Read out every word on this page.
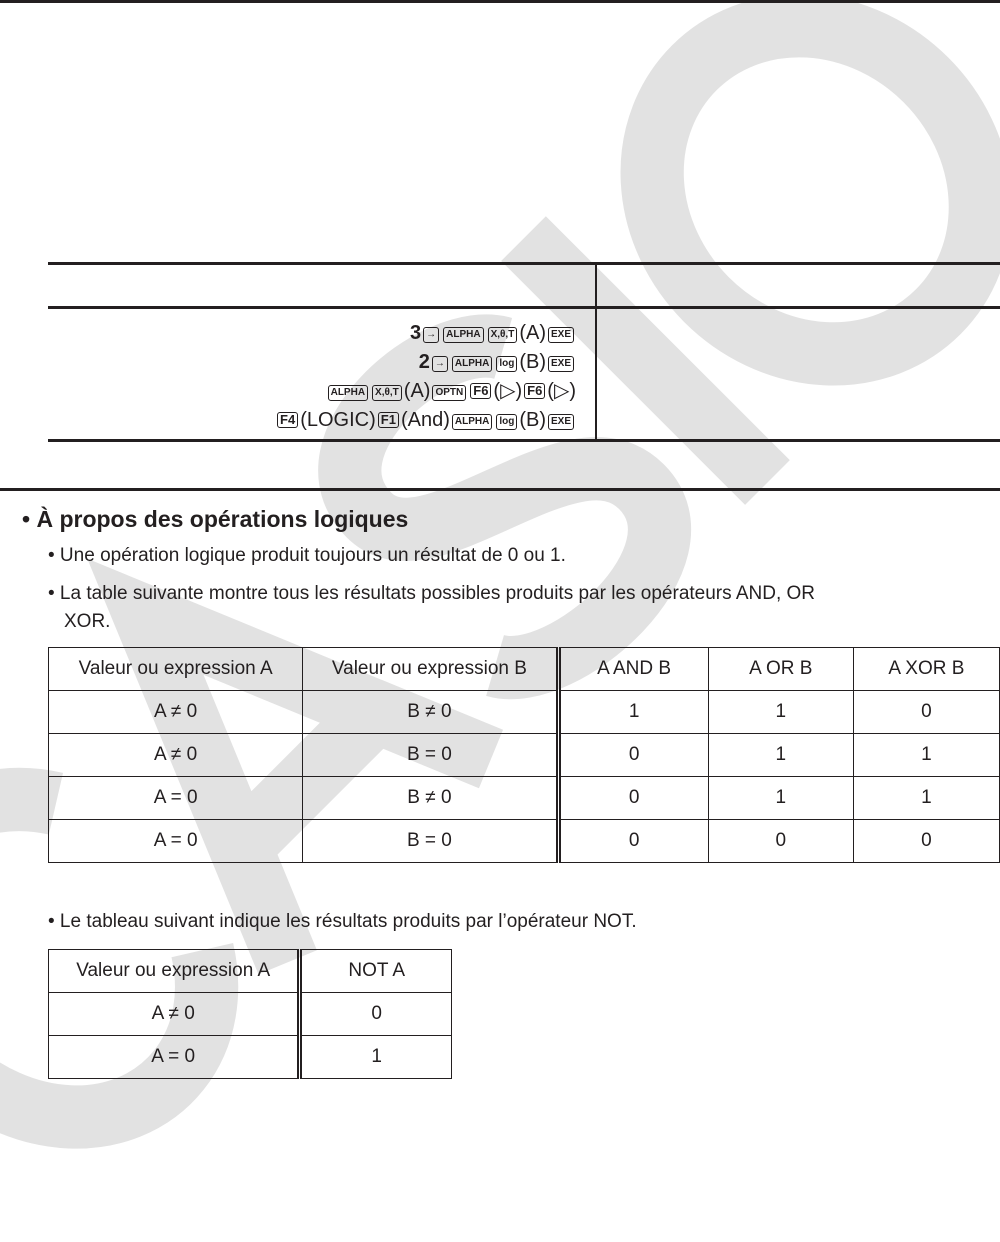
3 → ALPHA X,θ,T (A) EXE
2 → ALPHA log (B) EXE
ALPHA X,θ,T (A) OPTN F6 (▷) F6 (▷)
F4 (LOGIC) F1 (And) ALPHA log (B) EXE
• À propos des opérations logiques
• Une opération logique produit toujours un résultat de 0 ou 1.
• La table suivante montre tous les résultats possibles produits par les opérateurs AND, OR
XOR.
Valeur ou expression A	Valeur ou expression B	A AND B	A OR B	A XOR B
A ≠ 0	B ≠ 0	1	1	0
A ≠ 0	B = 0	0	1	1
A = 0	B ≠ 0	0	1	1
A = 0	B = 0	0	0	0
• Le tableau suivant indique les résultats produits par l’opérateur NOT.
Valeur ou expression A	NOT A
A ≠ 0	0
A = 0	1
